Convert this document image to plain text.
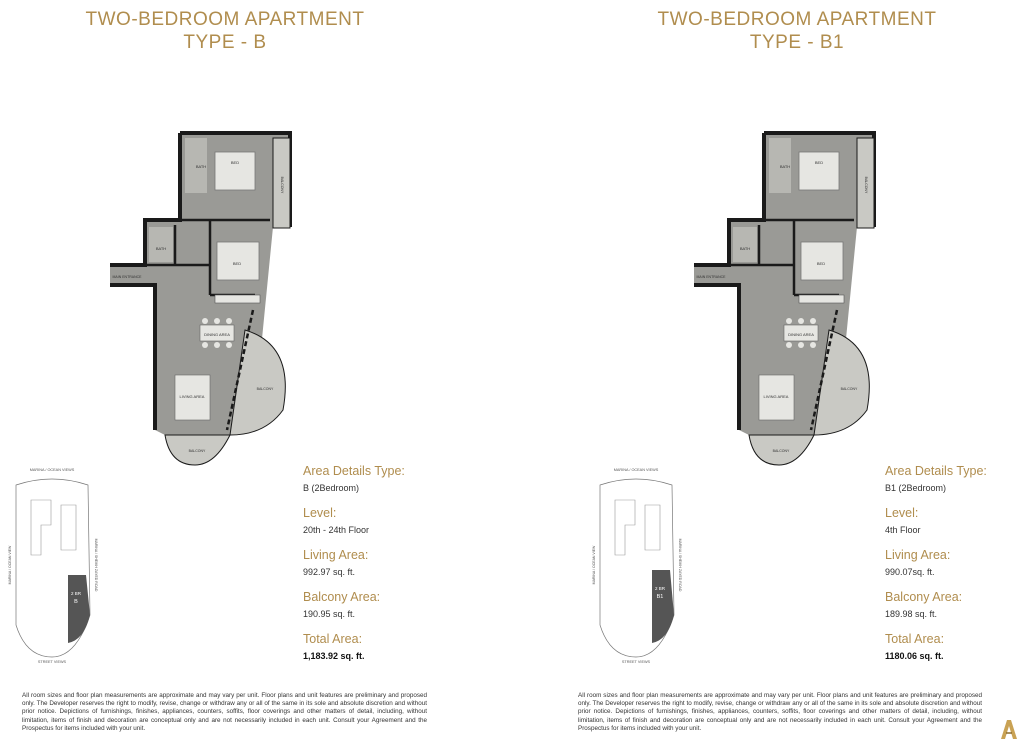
TWO-BEDROOM APARTMENT
TYPE - B
BATH
BED
BALCONY
BATH
BED
MAIN ENTRANCE
DINING AREA
LIVING AREA
BALCONY
BALCONY
MARINA / OCEAN VIEWS
MARINA / OCEAN VIEW	MARINA / SHEIKH ZAYED ROAD
2 BR
B
STREET VIEWS
Area Details Type:
B (2Bedroom)
Level:
20th - 24th Floor
Living Area:
992.97 sq. ft.
Balcony Area:
190.95 sq. ft.
Total Area:
1,183.92 sq. ft.
All room sizes and floor plan measurements are approximate and may vary per unit. Floor plans and unit features are preliminary and proposed only. The Developer reserves the right to modify, revise, change or withdraw any or all of the same in its sole and absolute discretion and without prior notice. Depictions of furnishings, finishes, appliances, counters, soffits, floor coverings and other matters of detail, including, without limitation, items of finish and decoration are conceptual only and are not necessarily included in each unit. Consult your Agreement and the Prospectus for items included with your unit.
TWO-BEDROOM APARTMENT
TYPE - B1
BATH
BED
BALCONY
BATH
BED
MAIN ENTRANCE
DINING AREA
LIVING AREA
BALCONY
BALCONY
MARINA / OCEAN VIEWS
MARINA / OCEAN VIEW	MARINA / SHEIKH ZAYED ROAD
2 BR
B1
STREET VIEWS
Area Details Type:
B1 (2Bedroom)
Level:
4th Floor
Living Area:
990.07sq. ft.
Balcony Area:
189.98 sq. ft.
Total Area:
1180.06 sq. ft.
All room sizes and floor plan measurements are approximate and may vary per unit. Floor plans and unit features are preliminary and proposed only. The Developer reserves the right to modify, revise, change or withdraw any or all of the same in its sole and absolute discretion and without prior notice. Depictions of furnishings, finishes, appliances, counters, soffits, floor coverings and other matters of detail, including, without limitation, items of finish and decoration are conceptual only and are not necessarily included in each unit. Consult your Agreement and the Prospectus for items included with your unit.
